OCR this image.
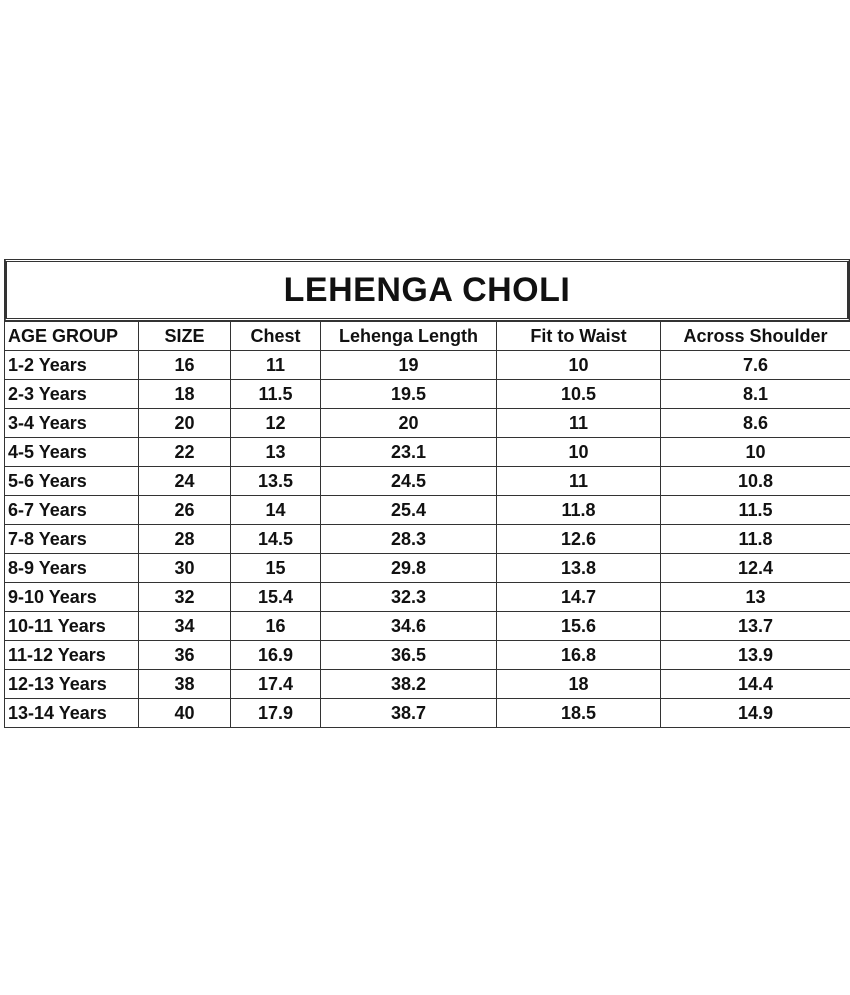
LEHENGA CHOLI
AGE GROUP	SIZE	Chest	Lehenga Length	Fit to Waist	Across Shoulder
1-2 Years	16	11	19	10	7.6
2-3 Years	18	11.5	19.5	10.5	8.1
3-4 Years	20	12	20	11	8.6
4-5 Years	22	13	23.1	10	10
5-6 Years	24	13.5	24.5	11	10.8
6-7 Years	26	14	25.4	11.8	11.5
7-8 Years	28	14.5	28.3	12.6	11.8
8-9 Years	30	15	29.8	13.8	12.4
9-10 Years	32	15.4	32.3	14.7	13
10-11 Years	34	16	34.6	15.6	13.7
11-12 Years	36	16.9	36.5	16.8	13.9
12-13 Years	38	17.4	38.2	18	14.4
13-14 Years	40	17.9	38.7	18.5	14.9
